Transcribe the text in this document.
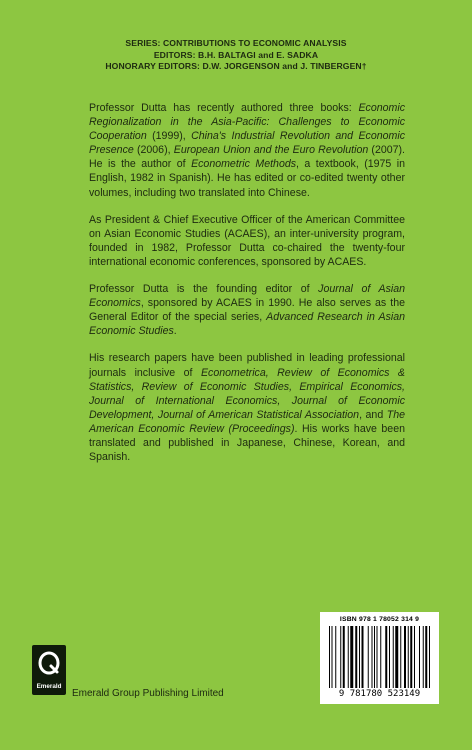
SERIES: CONTRIBUTIONS TO ECONOMIC ANALYSIS
EDITORS: B.H. BALTAGI and E. SADKA
HONORARY EDITORS: D.W. JORGENSON and J. TINBERGEN†

Professor Dutta has recently authored three books: Economic Regionalization in the Asia-Pacific: Challenges to Economic Cooperation (1999), China's Industrial Revolution and Economic Presence (2006), European Union and the Euro Revolution (2007). He is the author of Econometric Methods, a textbook, (1975 in English, 1982 in Spanish). He has edited or co-edited twenty other volumes, including two translated into Chinese.

As President & Chief Executive Officer of the American Committee on Asian Economic Studies (ACAES), an inter-university program, founded in 1982, Professor Dutta co-chaired the twenty-four international economic conferences, sponsored by ACAES.

Professor Dutta is the founding editor of Journal of Asian Economics, sponsored by ACAES in 1990. He also serves as the General Editor of the special series, Advanced Research in Asian Economic Studies.

His research papers have been published in leading professional journals inclusive of Econometrica, Review of Economics & Statistics, Review of Economic Studies, Empirical Economics, Journal of International Economics, Journal of Economic Development, Journal of American Statistical Association, and The American Economic Review (Proceedings). His works have been translated and published in Japanese, Chinese, Korean, and Spanish.

ISBN 978 1 78052 314 9
9 781780 523149
Emerald
Emerald Group Publishing Limited
